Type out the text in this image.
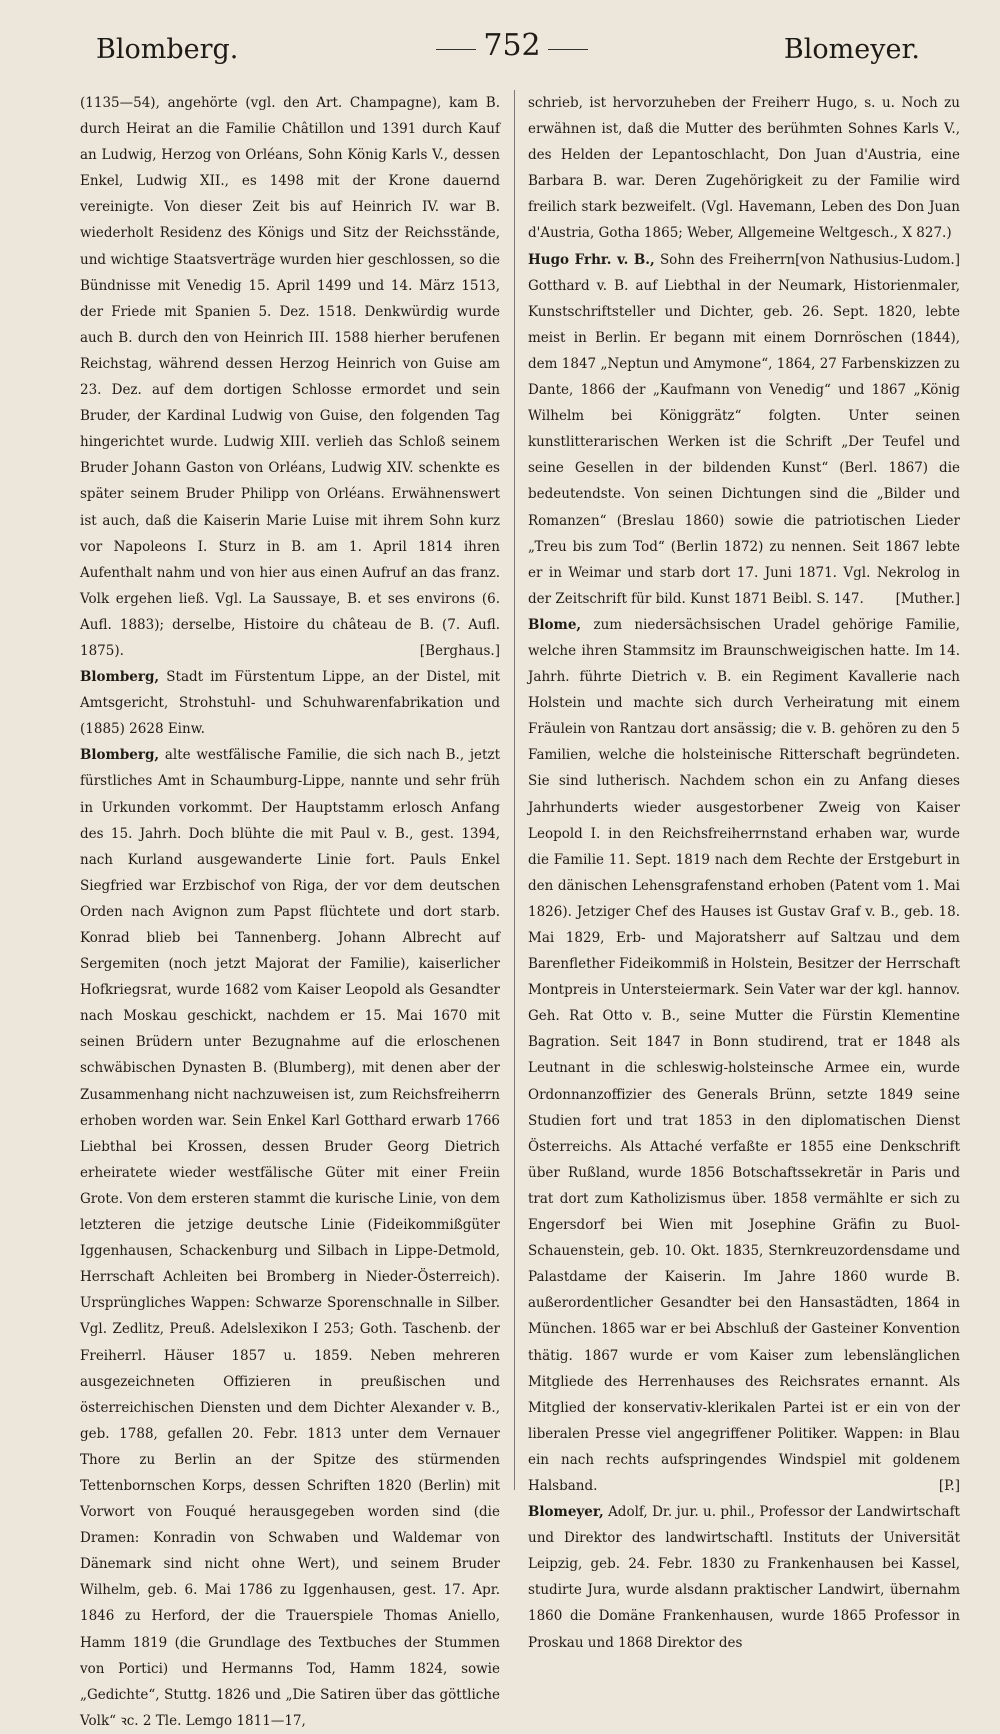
Blomberg.	752	Blomeyer.

(1135—54), angehörte (vgl. den Art. Champagne), kam B. durch Heirat an die Familie Châtillon und 1391 durch Kauf an Ludwig, Herzog von Orléans, Sohn König Karls V., dessen Enkel, Ludwig XII., es 1498 mit der Krone dauernd vereinigte. Von dieser Zeit bis auf Heinrich IV. war B. wiederholt Residenz des Königs und Sitz der Reichsstände, und wichtige Staatsverträge wurden hier geschlossen, so die Bündnisse mit Venedig 15. April 1499 und 14. März 1513, der Friede mit Spanien 5. Dez. 1518. Denkwürdig wurde auch B. durch den von Heinrich III. 1588 hierher berufenen Reichstag, während dessen Herzog Heinrich von Guise am 23. Dez. auf dem dortigen Schlosse ermordet und sein Bruder, der Kardinal Ludwig von Guise, den folgenden Tag hingerichtet wurde. Ludwig XIII. verlieh das Schloß seinem Bruder Johann Gaston von Orléans, Ludwig XIV. schenkte es später seinem Bruder Philipp von Orléans. Erwähnenswert ist auch, daß die Kaiserin Marie Luise mit ihrem Sohn kurz vor Napoleons I. Sturz in B. am 1. April 1814 ihren Aufenthalt nahm und von hier aus einen Aufruf an das franz. Volk ergehen ließ. Vgl. La Saussaye, B. et ses environs (6. Aufl. 1883); derselbe, Histoire du château de B. (7. Aufl. 1875).	[Berghaus.]

Blomberg, Stadt im Fürstentum Lippe, an der Distel, mit Amtsgericht, Strohstuhl- und Schuhwarenfabrikation und (1885) 2628 Einw.

Blomberg, alte westfälische Familie, die sich nach B., jetzt fürstliches Amt in Schaumburg-Lippe, nannte und sehr früh in Urkunden vorkommt. Der Hauptstamm erlosch Anfang des 15. Jahrh. Doch blühte die mit Paul v. B., gest. 1394, nach Kurland ausgewanderte Linie fort. Pauls Enkel Siegfried war Erzbischof von Riga, der vor dem deutschen Orden nach Avignon zum Papst flüchtete und dort starb. Konrad blieb bei Tannenberg. Johann Albrecht auf Sergemiten (noch jetzt Majorat der Familie), kaiserlicher Hofkriegsrat, wurde 1682 vom Kaiser Leopold als Gesandter nach Moskau geschickt, nachdem er 15. Mai 1670 mit seinen Brüdern unter Bezugnahme auf die erloschenen schwäbischen Dynasten B. (Blumberg), mit denen aber der Zusammenhang nicht nachzuweisen ist, zum Reichsfreiherrn erhoben worden war. Sein Enkel Karl Gotthard erwarb 1766 Liebthal bei Krossen, dessen Bruder Georg Dietrich erheiratete wieder westfälische Güter mit einer Freiin Grote. Von dem ersteren stammt die kurische Linie, von dem letzteren die jetzige deutsche Linie (Fideikommißgüter Iggenhausen, Schackenburg und Silbach in Lippe-Detmold, Herrschaft Achleiten bei Bromberg in Nieder-Österreich). Ursprüngliches Wappen: Schwarze Sporenschnalle in Silber. Vgl. Zedlitz, Preuß. Adelslexikon I 253; Goth. Taschenb. der Freiherrl. Häuser 1857 u. 1859. Neben mehreren ausgezeichneten Offizieren in preußischen und österreichischen Diensten und dem Dichter Alexander v. B., geb. 1788, gefallen 20. Febr. 1813 unter dem Vernauer Thore zu Berlin an der Spitze des stürmenden Tettenbornschen Korps, dessen Schriften 1820 (Berlin) mit Vorwort von Fouqué herausgegeben worden sind (die Dramen: Konradin von Schwaben und Waldemar von Dänemark sind nicht ohne Wert), und seinem Bruder Wilhelm, geb. 6. Mai 1786 zu Iggenhausen, gest. 17. Apr. 1846 zu Herford, der die Trauerspiele Thomas Aniello, Hamm 1819 (die Grundlage des Textbuches der Stummen von Portici) und Hermanns Tod, Hamm 1824, sowie „Gedichte“, Stuttg. 1826 und „Die Satiren über das göttliche Volk“ ꝛc. 2 Tle. Lemgo 1811—17,

schrieb, ist hervorzuheben der Freiherr Hugo, s. u. Noch zu erwähnen ist, daß die Mutter des berühmten Sohnes Karls V., des Helden der Lepantoschlacht, Don Juan d'Austria, eine Barbara B. war. Deren Zugehörigkeit zu der Familie wird freilich stark bezweifelt. (Vgl. Havemann, Leben des Don Juan d'Austria, Gotha 1865; Weber, Allgemeine Weltgesch., X 827.)
[von Nathusius-Ludom.]

Hugo Frhr. v. B., Sohn des Freiherrn Gotthard v. B. auf Liebthal in der Neumark, Historienmaler, Kunstschriftsteller und Dichter, geb. 26. Sept. 1820, lebte meist in Berlin. Er begann mit einem Dornröschen (1844), dem 1847 „Neptun und Amymone“, 1864, 27 Farbenskizzen zu Dante, 1866 der „Kaufmann von Venedig“ und 1867 „König Wilhelm bei Königgrätz“ folgten. Unter seinen kunstlitterarischen Werken ist die Schrift „Der Teufel und seine Gesellen in der bildenden Kunst“ (Berl. 1867) die bedeutendste. Von seinen Dichtungen sind die „Bilder und Romanzen“ (Breslau 1860) sowie die patriotischen Lieder „Treu bis zum Tod“ (Berlin 1872) zu nennen. Seit 1867 lebte er in Weimar und starb dort 17. Juni 1871. Vgl. Nekrolog in der Zeitschrift für bild. Kunst 1871 Beibl. S. 147. [Muther.]

Blome, zum niedersächsischen Uradel gehörige Familie, welche ihren Stammsitz im Braunschweigischen hatte. Im 14. Jahrh. führte Dietrich v. B. ein Regiment Kavallerie nach Holstein und machte sich durch Verheiratung mit einem Fräulein von Rantzau dort ansässig; die v. B. gehören zu den 5 Familien, welche die holsteinische Ritterschaft begründeten. Sie sind lutherisch. Nachdem schon ein zu Anfang dieses Jahrhunderts wieder ausgestorbener Zweig von Kaiser Leopold I. in den Reichsfreiherrnstand erhaben war, wurde die Familie 11. Sept. 1819 nach dem Rechte der Erstgeburt in den dänischen Lehensgrafenstand erhoben (Patent vom 1. Mai 1826). Jetziger Chef des Hauses ist Gustav Graf v. B., geb. 18. Mai 1829, Erb- und Majoratsherr auf Saltzau und dem Barenflether Fideikommiß in Holstein, Besitzer der Herrschaft Montpreis in Untersteiermark. Sein Vater war der kgl. hannov. Geh. Rat Otto v. B., seine Mutter die Fürstin Klementine Bagration. Seit 1847 in Bonn studirend, trat er 1848 als Leutnant in die schleswig-holsteinsche Armee ein, wurde Ordonnanzoffizier des Generals Brünn, setzte 1849 seine Studien fort und trat 1853 in den diplomatischen Dienst Österreichs. Als Attaché verfaßte er 1855 eine Denkschrift über Rußland, wurde 1856 Botschaftssekretär in Paris und trat dort zum Katholizismus über. 1858 vermählte er sich zu Engersdorf bei Wien mit Josephine Gräfin zu Buol-Schauenstein, geb. 10. Okt. 1835, Sternkreuzordensdame und Palastdame der Kaiserin. Im Jahre 1860 wurde B. außerordentlicher Gesandter bei den Hansastädten, 1864 in München. 1865 war er bei Abschluß der Gasteiner Konvention thätig. 1867 wurde er vom Kaiser zum lebenslänglichen Mitgliede des Herrenhauses des Reichsrates ernannt. Als Mitglied der konservativ-klerikalen Partei ist er ein von der liberalen Presse viel angegriffener Politiker. Wappen: in Blau ein nach rechts aufspringendes Windspiel mit goldenem Halsband.	[P.]

Blomeyer, Adolf, Dr. jur. u. phil., Professor der Landwirtschaft und Direktor des landwirtschaftl. Instituts der Universität Leipzig, geb. 24. Febr. 1830 zu Frankenhausen bei Kassel, studirte Jura, wurde alsdann praktischer Landwirt, übernahm 1860 die Domäne Frankenhausen, wurde 1865 Professor in Proskau und 1868 Direktor des
